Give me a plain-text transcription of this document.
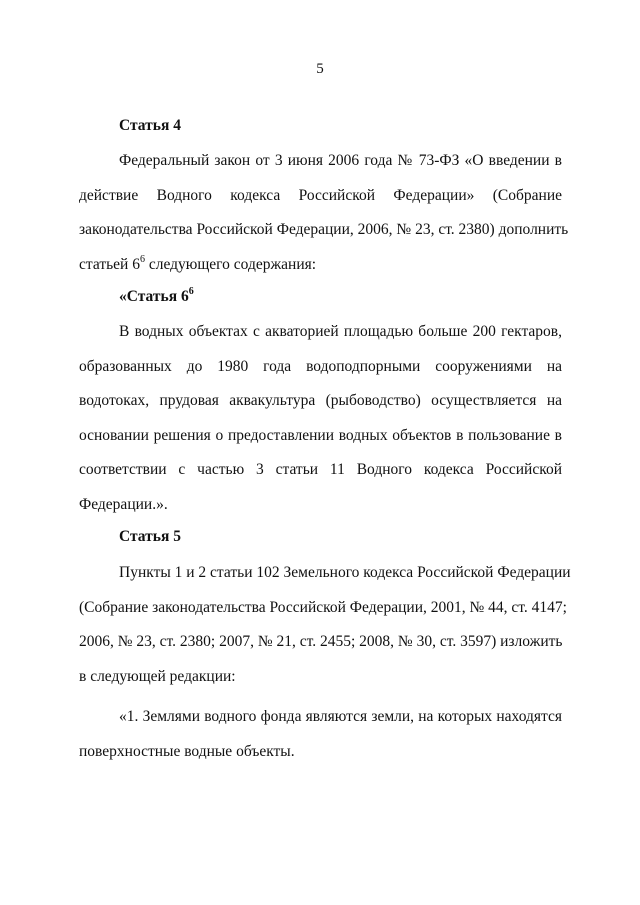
5
Статья 4
Федеральный закон от 3 июня 2006 года № 73-ФЗ «О введении в
действие Водного кодекса Российской Федерации» (Собрание
законодательства Российской Федерации, 2006, № 23, ст. 2380) дополнить
статьей $6^6$ следующего содержания:
«Статья $6^6$
В водных объектах с акваторией площадью больше 200 гектаров,
образованных до 1980 года водоподпорными сооружениями на
водотоках, прудовая аквакультура (рыбоводство) осуществляется на
основании решения о предоставлении водных объектов в пользование в
соответствии с частью 3 статьи 11 Водного кодекса Российской
Федерации.».
Статья 5
Пункты 1 и 2 статьи 102 Земельного кодекса Российской Федерации
(Собрание законодательства Российской Федерации, 2001, № 44, ст. 4147;
2006, № 23, ст. 2380; 2007, № 21, ст. 2455; 2008, № 30, ст. 3597) изложить
в следующей редакции:
«1. Землями водного фонда являются земли, на которых находятся
поверхностные водные объекты.
